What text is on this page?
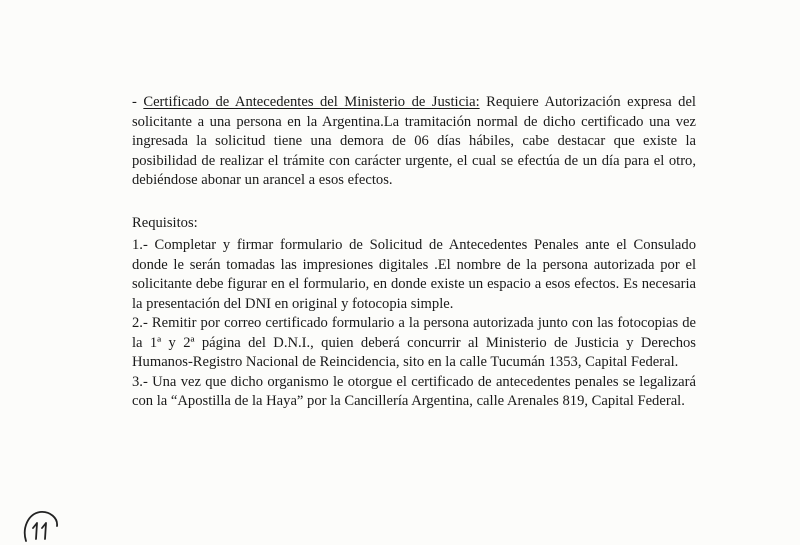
- Certificado de Antecedentes del Ministerio de Justicia: Requiere Autorización expresa del solicitante a una persona en la Argentina.La tramitación normal de dicho certificado una vez ingresada la solicitud tiene una demora de 06 días hábiles, cabe destacar que existe la posibilidad de realizar el trámite con carácter urgente, el cual se efectúa de un día para el otro, debiéndose abonar un arancel a esos efectos.
Requisitos:

1.- Completar y firmar formulario de Solicitud de Antecedentes Penales ante el Consulado donde le serán tomadas las impresiones digitales .El nombre de la persona autorizada por el solicitante debe figurar en el formulario, en donde existe un espacio a esos efectos. Es necesaria la presentación del DNI en original y fotocopia simple.

2.- Remitir por correo certificado formulario a la persona autorizada junto con las fotocopias de la 1ª y 2ª página del D.N.I., quien deberá concurrir al Ministerio de Justicia y Derechos Humanos-Registro Nacional de Reincidencia, sito en la calle Tucumán 1353, Capital Federal.

3.- Una vez que dicho organismo le otorgue el certificado de antecedentes penales se legalizará con la “Apostilla de la Haya” por la Cancillería Argentina, calle Arenales 819, Capital Federal.
